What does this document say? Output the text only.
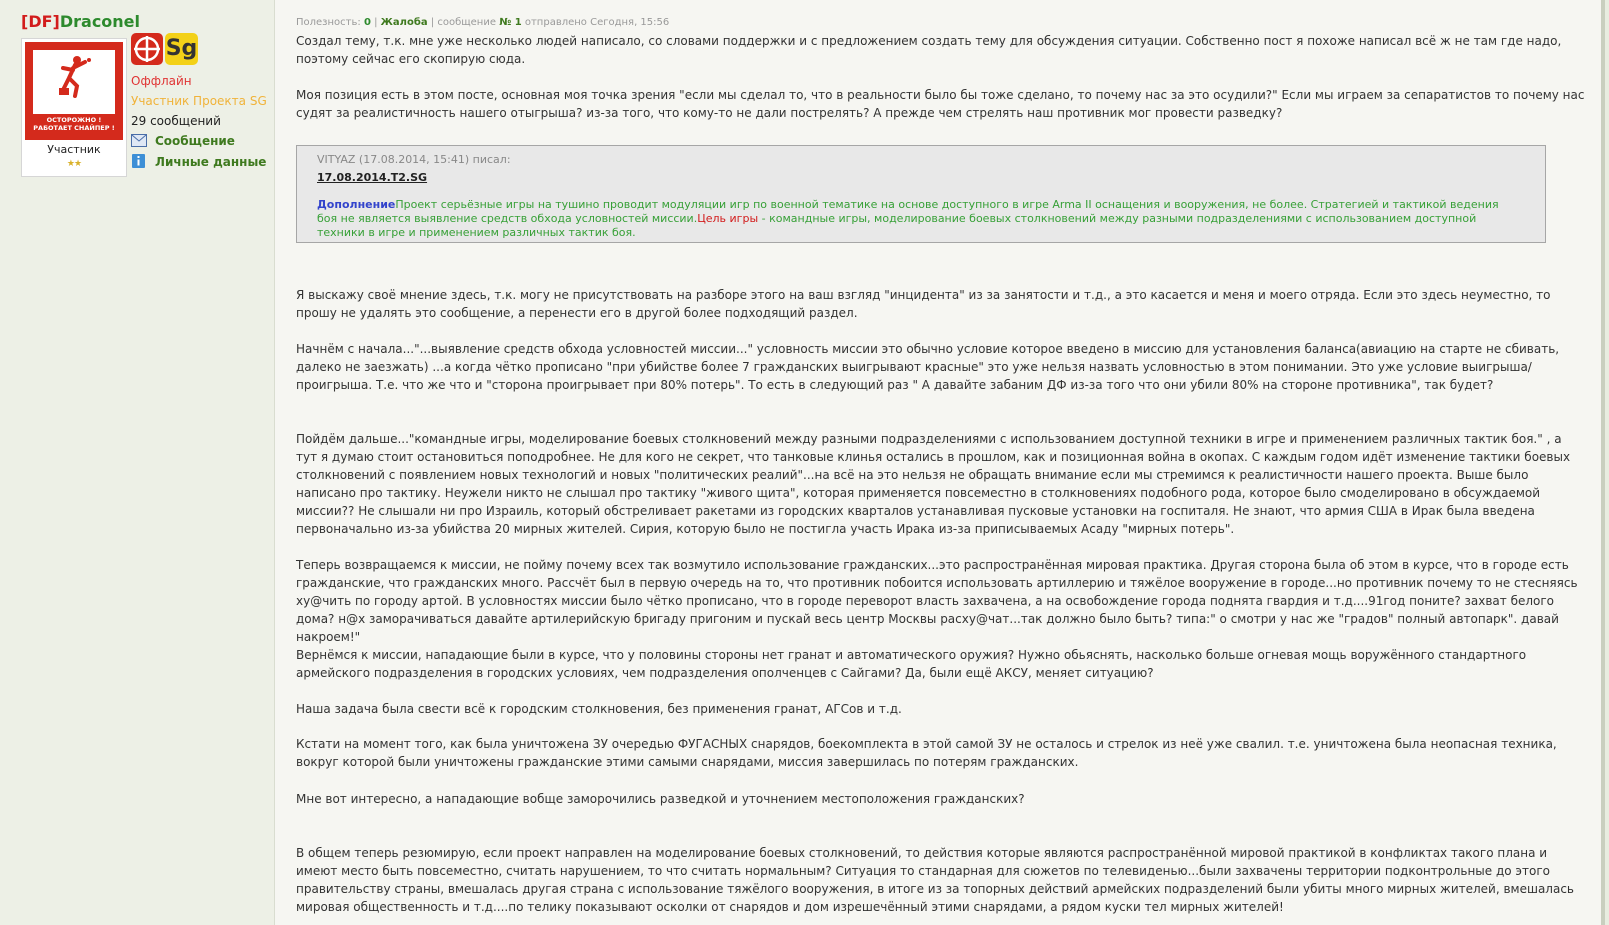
[DF]Draconel
ОСТОРОЖНО !
РАБОТАЕТ СНАЙПЕР !
Участник
★★
Sg
Оффлайн
Участник Проекта SG
29 сообщений
Сообщение
Личные данные
Полезность: 0 | Жалоба | сообщение № 1 отправлено Сегодня, 15:56

Создал тему, т.к. мне уже несколько людей написало, со словами поддержки и с предложением создать тему для обсуждения ситуации. Собственно пост я похоже написал всё ж не там где надо, поэтому сейчас его скопирую сюда.

Моя позиция есть в этом посте, основная моя точка зрения "если мы сделал то, что в реальности было бы тоже сделано, то почему нас за это осудили?" Если мы играем за сепаратистов то почему нас судят за реалистичность нашего отыгрыша? из-за того, что кому-то не дали пострелять? А прежде чем стрелять наш противник мог провести разведку?

VITYAZ (17.08.2014, 15:41) писал:
17.08.2014.T2.SG
ДополнениеПроект серьёзные игры на тушино проводит модуляции игр по военной тематике на основе доступного в игре Arma II оснащения и вооружения, не более. Стратегией и тактикой ведения боя не является выявление средств обхода условностей миссии.Цель игры - командные игры, моделирование боевых столкновений между разными подразделениями с использованием доступной техники в игре и применением различных тактик боя.

Я выскажу своё мнение здесь, т.к. могу не присутствовать на разборе этого на ваш взгляд "инцидента" из за занятости и т.д., а это касается и меня и моего отряда. Если это здесь неуместно, то прошу не удалять это сообщение, а перенести его в другой более подходящий раздел.

Начнём с начала..."...выявление средств обхода условностей миссии..." условность миссии это обычно условие которое введено в миссию для установления баланса(авиацию на старте не сбивать, далеко не заезжать) ...а когда чётко прописано "при убийстве более 7 гражданских выигрывают красные" это уже нельзя назвать условностью в этом понимании. Это уже условие выигрыша/проигрыша. Т.е. что же что и "сторона проигрывает при 80% потерь". То есть в следующий раз " А давайте забаним ДФ из-за того что они убили 80% на стороне противника", так будет?

Пойдём дальше..."командные игры, моделирование боевых столкновений между разными подразделениями с использованием доступной техники в игре и применением различных тактик боя." , а тут я думаю стоит остановиться поподробнее. Не для кого не секрет, что танковые клинья остались в прошлом, как и позиционная война в окопах. С каждым годом идёт изменение тактики боевых столкновений с появлением новых технологий и новых "политических реалий"...на всё на это нельзя не обращать внимание если мы стремимся к реалистичности нашего проекта. Выше было написано про тактику. Неужели никто не слышал про тактику "живого щита", которая применяется повсеместно в столкновениях подобного рода, которое было смоделировано в обсуждаемой миссии?? Не слышали ни про Израиль, который обстреливает ракетами из городских кварталов устанавливая пусковые установки на госпиталя. Не знают, что армия США в Ирак была введена первоначально из-за убийства 20 мирных жителей. Сирия, которую было не постигла участь Ирака из-за приписываемых Асаду "мирных потерь".

Теперь возвращаемся к миссии, не пойму почему всех так возмутило использование гражданских...это распространённая мировая практика. Другая сторона была об этом в курсе, что в городе есть гражданские, что гражданских много. Рассчёт был в первую очередь на то, что противник побоится использовать артиллерию и тяжёлое вооружение в городе...но противник почему то не стесняясь ху@чить по городу артой. В условностях миссии было чётко прописано, что в городе переворот власть захвачена, а на освобождение города поднята гвардия и т.д....91год поните? захват белого дома? н@х заморачиваться давайте артилерийскую бригаду пригоним и пускай весь центр Москвы расху@чат...так должно было быть? типа:" о смотри у нас же "градов" полный автопарк". давай накроем!"

Вернёмся к миссии, нападающие были в курсе, что у половины стороны нет гранат и автоматического оружия? Нужно обьяснять, насколько больше огневая мощь воружённого стандартного армейского подразделения в городских условиях, чем подразделения ополченцев с Сайгами? Да, были ещё АКСУ, меняет ситуацию?

Наша задача была свести всё к городским столкновения, без применения гранат, АГСов и т.д.

Кстати на момент того, как была уничтожена ЗУ очередью ФУГАСНЫХ снарядов, боекомплекта в этой самой ЗУ не осталось и стрелок из неё уже свалил. т.е. уничтожена была неопасная техника, вокруг которой были уничтожены гражданские этими самыми снарядами, миссия завершилась по потерям гражданских.

Мне вот интересно, а нападающие вобще заморочились разведкой и уточнением местоположения гражданских?

В общем теперь резюмирую, если проект направлен на моделирование боевых столкновений, то действия которые являются распространённой мировой практикой в конфликтах такого плана и имеют место быть повсеместно, считать нарушением, то что считать нормальным? Ситуация то стандарная для сюжетов по телевиденью...были захвачены территории подконтрольные до этого правительству страны, вмешалась другая страна с использование тяжёлого вооружения, в итоге из за топорных действий армейских подразделений были убиты много мирных жителей, вмешалась мировая общественность и т.д....по телику показывают осколки от снарядов и дом изрешечённый этими снарядами, а рядом куски тел мирных жителей!
